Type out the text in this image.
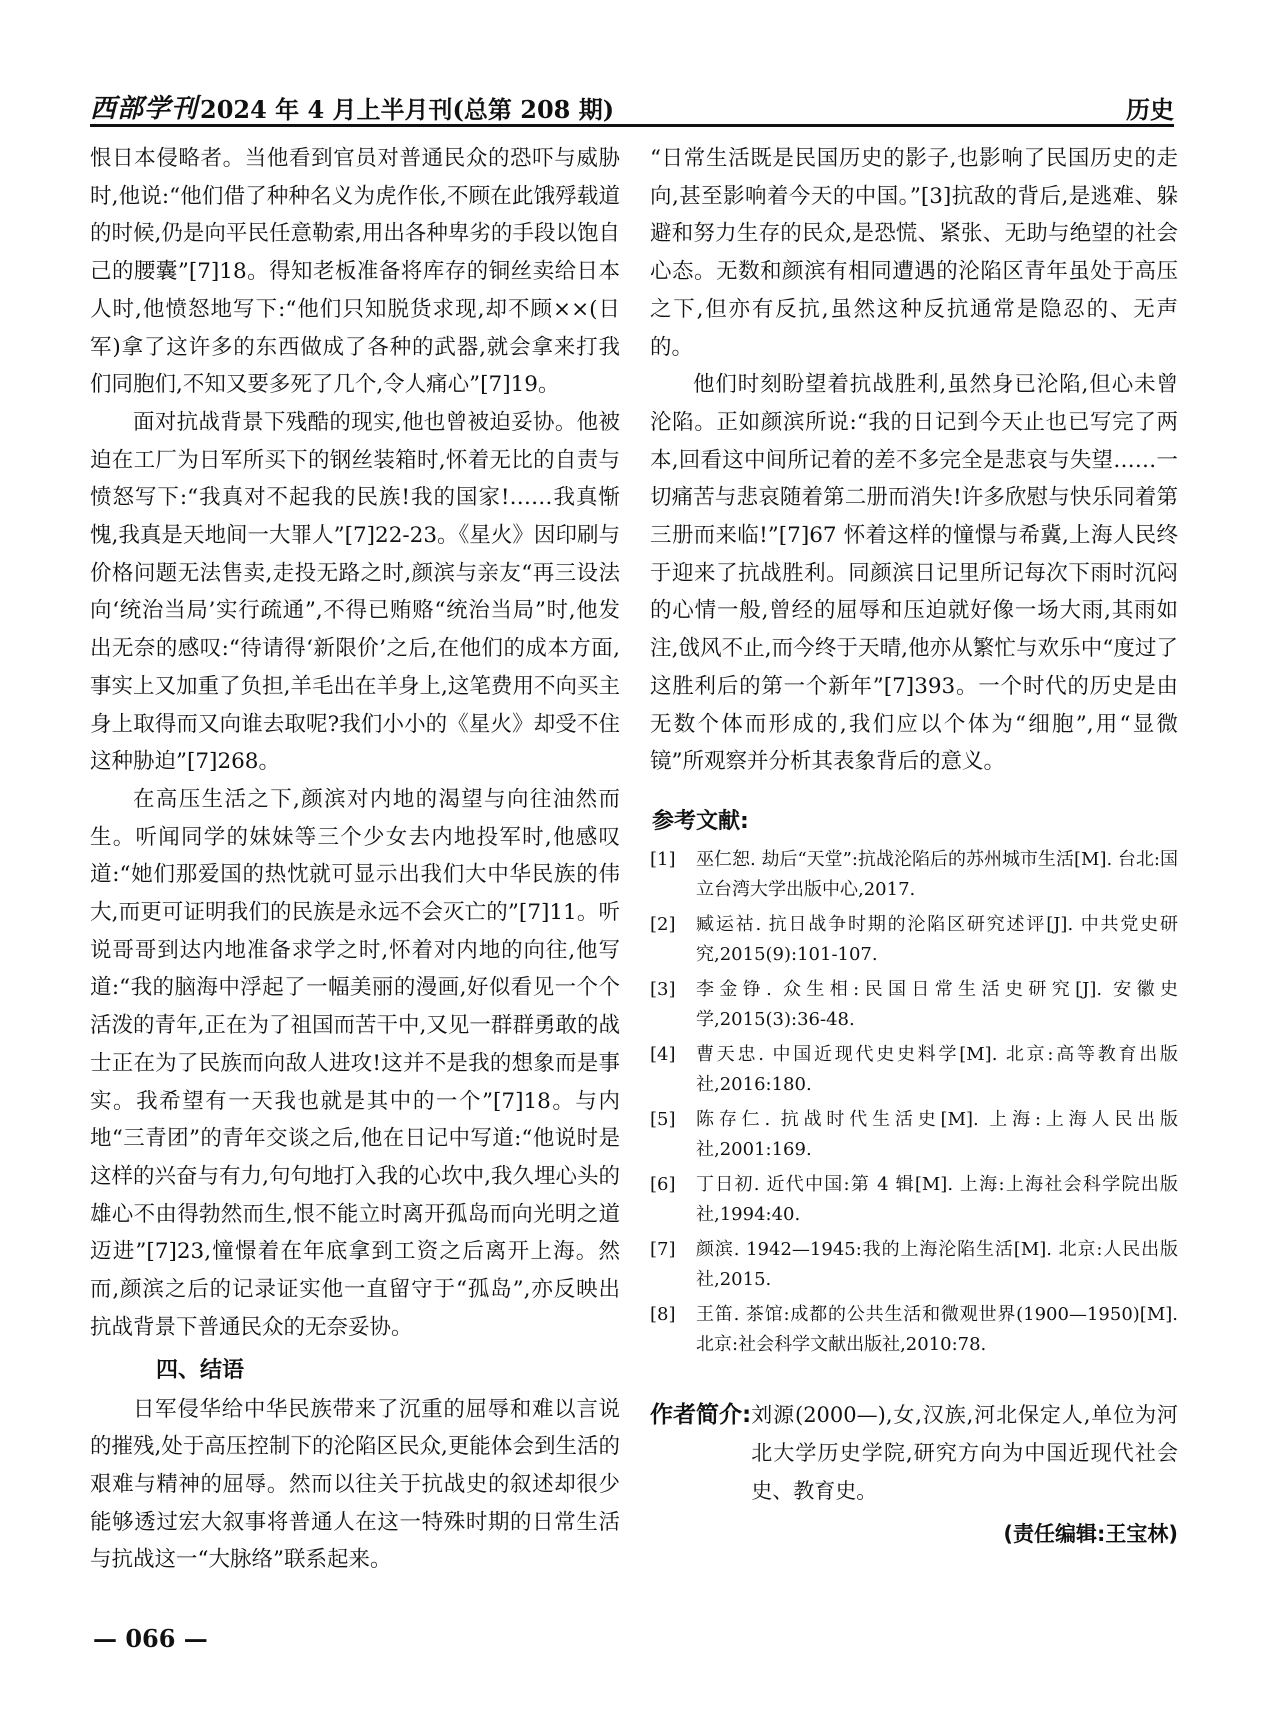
西部学刊 2024 年 4 月上半月刊(总第 208 期)	历史

恨日本侵略者。当他看到官员对普通民众的恐吓与威胁时,他说:“他们借了种种名义为虎作伥,不顾在此饿殍载道的时候,仍是向平民任意勒索,用出各种卑劣的手段以饱自己的腰囊”[7]18。得知老板准备将库存的铜丝卖给日本人时,他愤怒地写下:“他们只知脱货求现,却不顾××(日军)拿了这许多的东西做成了各种的武器,就会拿来打我们同胞们,不知又要多死了几个,令人痛心”[7]19。

面对抗战背景下残酷的现实,他也曾被迫妥协。他被迫在工厂为日军所买下的钢丝装箱时,怀着无比的自责与愤怒写下:“我真对不起我的民族!我的国家!……我真惭愧,我真是天地间一大罪人”[7]22-23。《星火》因印刷与价格问题无法售卖,走投无路之时,颜滨与亲友“再三设法向‘统治当局’实行疏通”,不得已贿赂“统治当局”时,他发出无奈的感叹:“待请得‘新限价’之后,在他们的成本方面,事实上又加重了负担,羊毛出在羊身上,这笔费用不向买主身上取得而又向谁去取呢?我们小小的《星火》却受不住这种胁迫”[7]268。

在高压生活之下,颜滨对内地的渴望与向往油然而生。听闻同学的妹妹等三个少女去内地投军时,他感叹道:“她们那爱国的热忱就可显示出我们大中华民族的伟大,而更可证明我们的民族是永远不会灭亡的”[7]11。听说哥哥到达内地准备求学之时,怀着对内地的向往,他写道:“我的脑海中浮起了一幅美丽的漫画,好似看见一个个活泼的青年,正在为了祖国而苦干中,又见一群群勇敢的战士正在为了民族而向敌人进攻!这并不是我的想象而是事实。我希望有一天我也就是其中的一个”[7]18。与内地“三青团”的青年交谈之后,他在日记中写道:“他说时是这样的兴奋与有力,句句地打入我的心坎中,我久埋心头的雄心不由得勃然而生,恨不能立时离开孤岛而向光明之道迈进”[7]23,憧憬着在年底拿到工资之后离开上海。然而,颜滨之后的记录证实他一直留守于“孤岛”,亦反映出抗战背景下普通民众的无奈妥协。

四、结语

日军侵华给中华民族带来了沉重的屈辱和难以言说的摧残,处于高压控制下的沦陷区民众,更能体会到生活的艰难与精神的屈辱。然而以往关于抗战史的叙述却很少能够透过宏大叙事将普通人在这一特殊时期的日常生活与抗战这一“大脉络”联系起来。

“日常生活既是民国历史的影子,也影响了民国历史的走向,甚至影响着今天的中国。”[3]抗敌的背后,是逃难、躲避和努力生存的民众,是恐慌、紧张、无助与绝望的社会心态。无数和颜滨有相同遭遇的沦陷区青年虽处于高压之下,但亦有反抗,虽然这种反抗通常是隐忍的、无声的。

他们时刻盼望着抗战胜利,虽然身已沦陷,但心未曾沦陷。正如颜滨所说:“我的日记到今天止也已写完了两本,回看这中间所记着的差不多完全是悲哀与失望……一切痛苦与悲哀随着第二册而消失!许多欣慰与快乐同着第三册而来临!”[7]67 怀着这样的憧憬与希冀,上海人民终于迎来了抗战胜利。同颜滨日记里所记每次下雨时沉闷的心情一般,曾经的屈辱和压迫就好像一场大雨,其雨如注,戗风不止,而今终于天晴,他亦从繁忙与欢乐中“度过了这胜利后的第一个新年”[7]393。一个时代的历史是由无数个体而形成的,我们应以个体为“细胞”,用“显微镜”所观察并分析其表象背后的意义。

参考文献:
[1]	巫仁恕. 劫后“天堂”:抗战沦陷后的苏州城市生活[M]. 台北:国立台湾大学出版中心,2017.
[2]	臧运祜. 抗日战争时期的沦陷区研究述评[J]. 中共党史研究,2015(9):101-107.
[3]	李金铮. 众生相:民国日常生活史研究[J]. 安徽史学,2015(3):36-48.
[4]	曹天忠. 中国近现代史史料学[M]. 北京:高等教育出版社,2016:180.
[5]	陈存仁. 抗战时代生活史[M]. 上海:上海人民出版社,2001:169.
[6]	丁日初. 近代中国:第 4 辑[M]. 上海:上海社会科学院出版社,1994:40.
[7]	颜滨. 1942—1945:我的上海沦陷生活[M]. 北京:人民出版社,2015.
[8]	王笛. 茶馆:成都的公共生活和微观世界(1900—1950)[M]. 北京:社会科学文献出版社,2010:78.
作者简介: 刘源(2000—),女,汉族,河北保定人,单位为河北大学历史学院,研究方向为中国近现代社会史、教育史。
(责任编辑:王宝林)
— 066 —
